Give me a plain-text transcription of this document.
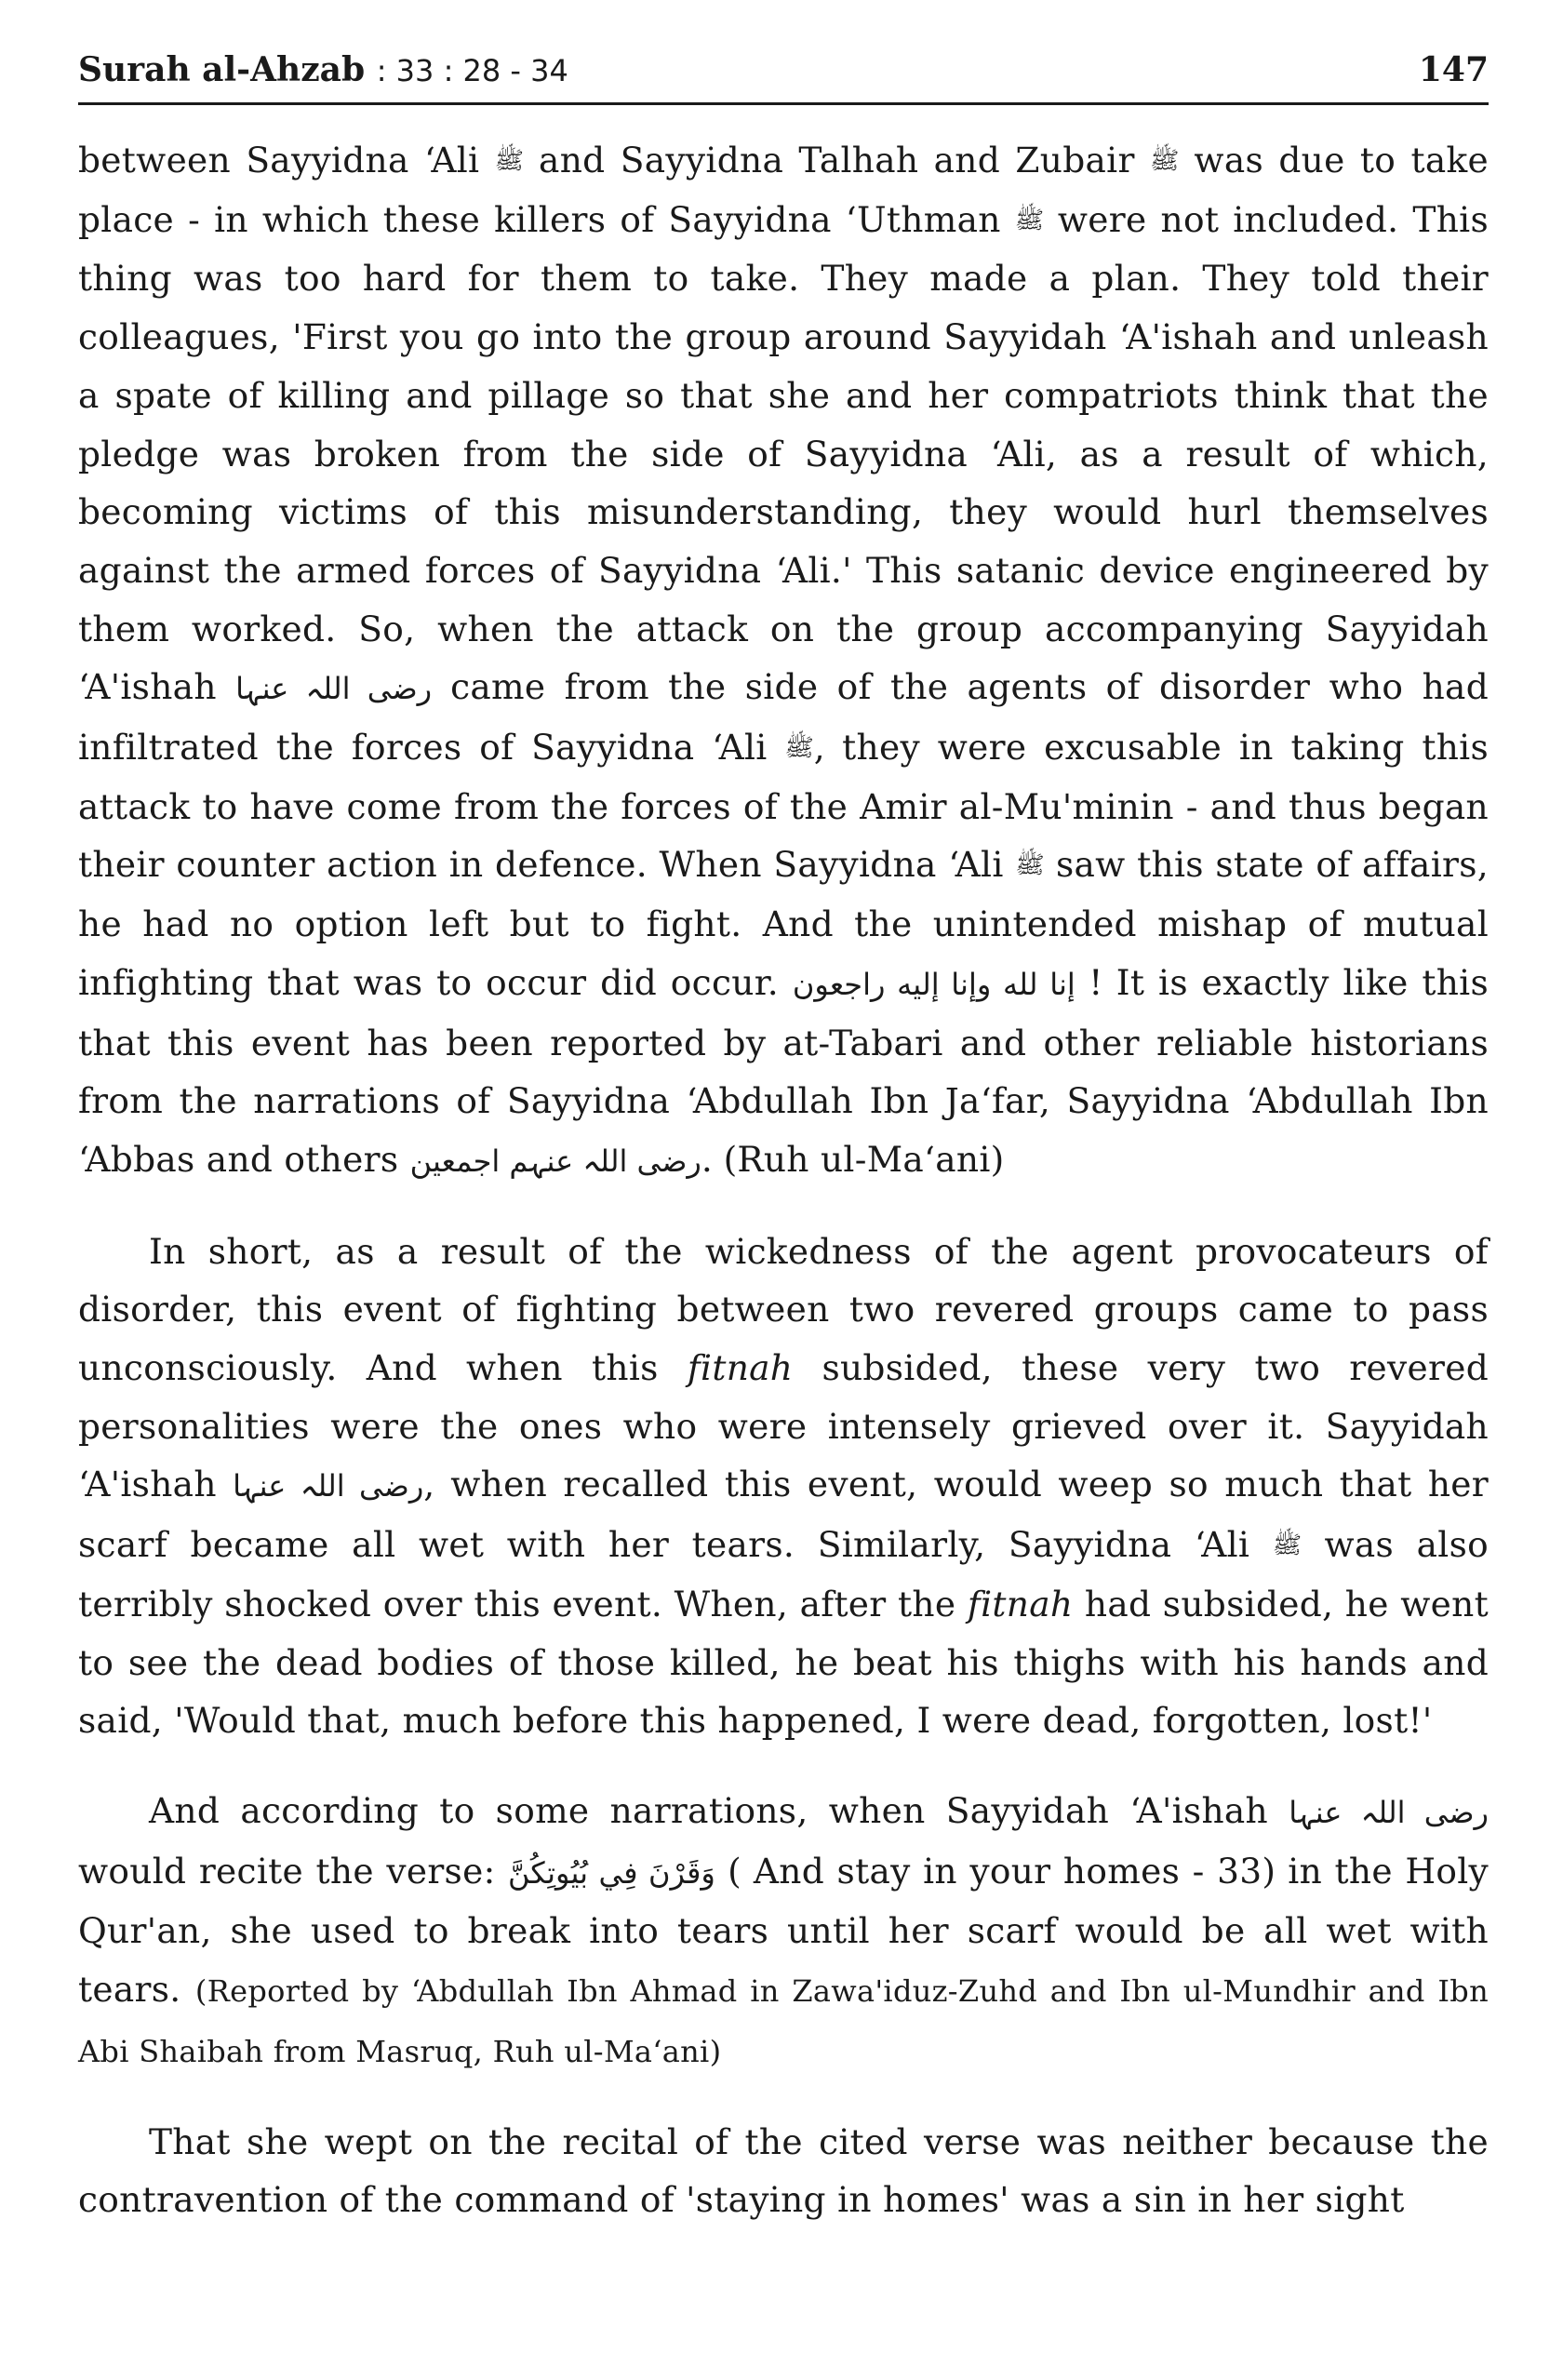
Surah al-Ahzab : 33 : 28 - 34	147

between Sayyidna ‘Ali ﷺ and Sayyidna Talhah and Zubair ﷺ was due to take place - in which these killers of Sayyidna ‘Uthman ﷺ were not included. This thing was too hard for them to take. They made a plan. They told their colleagues, 'First you go into the group around Sayyidah ‘A'ishah and unleash a spate of killing and pillage so that she and her compatriots think that the pledge was broken from the side of Sayyidna ‘Ali, as a result of which, becoming victims of this misunderstanding, they would hurl themselves against the armed forces of Sayyidna ‘Ali.' This satanic device engineered by them worked. So, when the attack on the group accompanying Sayyidah ‘A'ishah رضی اللہ عنہا came from the side of the agents of disorder who had infiltrated the forces of Sayyidna ‘Ali ﷺ, they were excusable in taking this attack to have come from the forces of the Amir al-Mu'minin - and thus began their counter action in defence. When Sayyidna ‘Ali ﷺ saw this state of affairs, he had no option left but to fight. And the unintended mishap of mutual infighting that was to occur did occur. إنا لله وإنا إليه راجعون ! It is exactly like this that this event has been reported by at-Tabari and other reliable historians from the narrations of Sayyidna ‘Abdullah Ibn Ja‘far, Sayyidna ‘Abdullah Ibn ‘Abbas and others رضی اللہ عنہم اجمعین. (Ruh ul-Ma‘ani)

In short, as a result of the wickedness of the agent provocateurs of disorder, this event of fighting between two revered groups came to pass unconsciously. And when this fitnah subsided, these very two revered personalities were the ones who were intensely grieved over it. Sayyidah ‘A'ishah رضی اللہ عنہا, when recalled this event, would weep so much that her scarf became all wet with her tears. Similarly, Sayyidna ‘Ali ﷺ was also terribly shocked over this event. When, after the fitnah had subsided, he went to see the dead bodies of those killed, he beat his thighs with his hands and said, 'Would that, much before this happened, I were dead, forgotten, lost!'

And according to some narrations, when Sayyidah ‘A'ishah رضی اللہ عنہا would recite the verse: وَقَرْنَ فِي بُيُوتِكُنَّ ( And stay in your homes - 33) in the Holy Qur'an, she used to break into tears until her scarf would be all wet with tears. (Reported by ‘Abdullah Ibn Ahmad in Zawa'iduz-Zuhd and Ibn ul-Mundhir and Ibn Abi Shaibah from Masruq, Ruh ul-Ma‘ani)

That she wept on the recital of the cited verse was neither because the contravention of the command of 'staying in homes' was a sin in her sight
